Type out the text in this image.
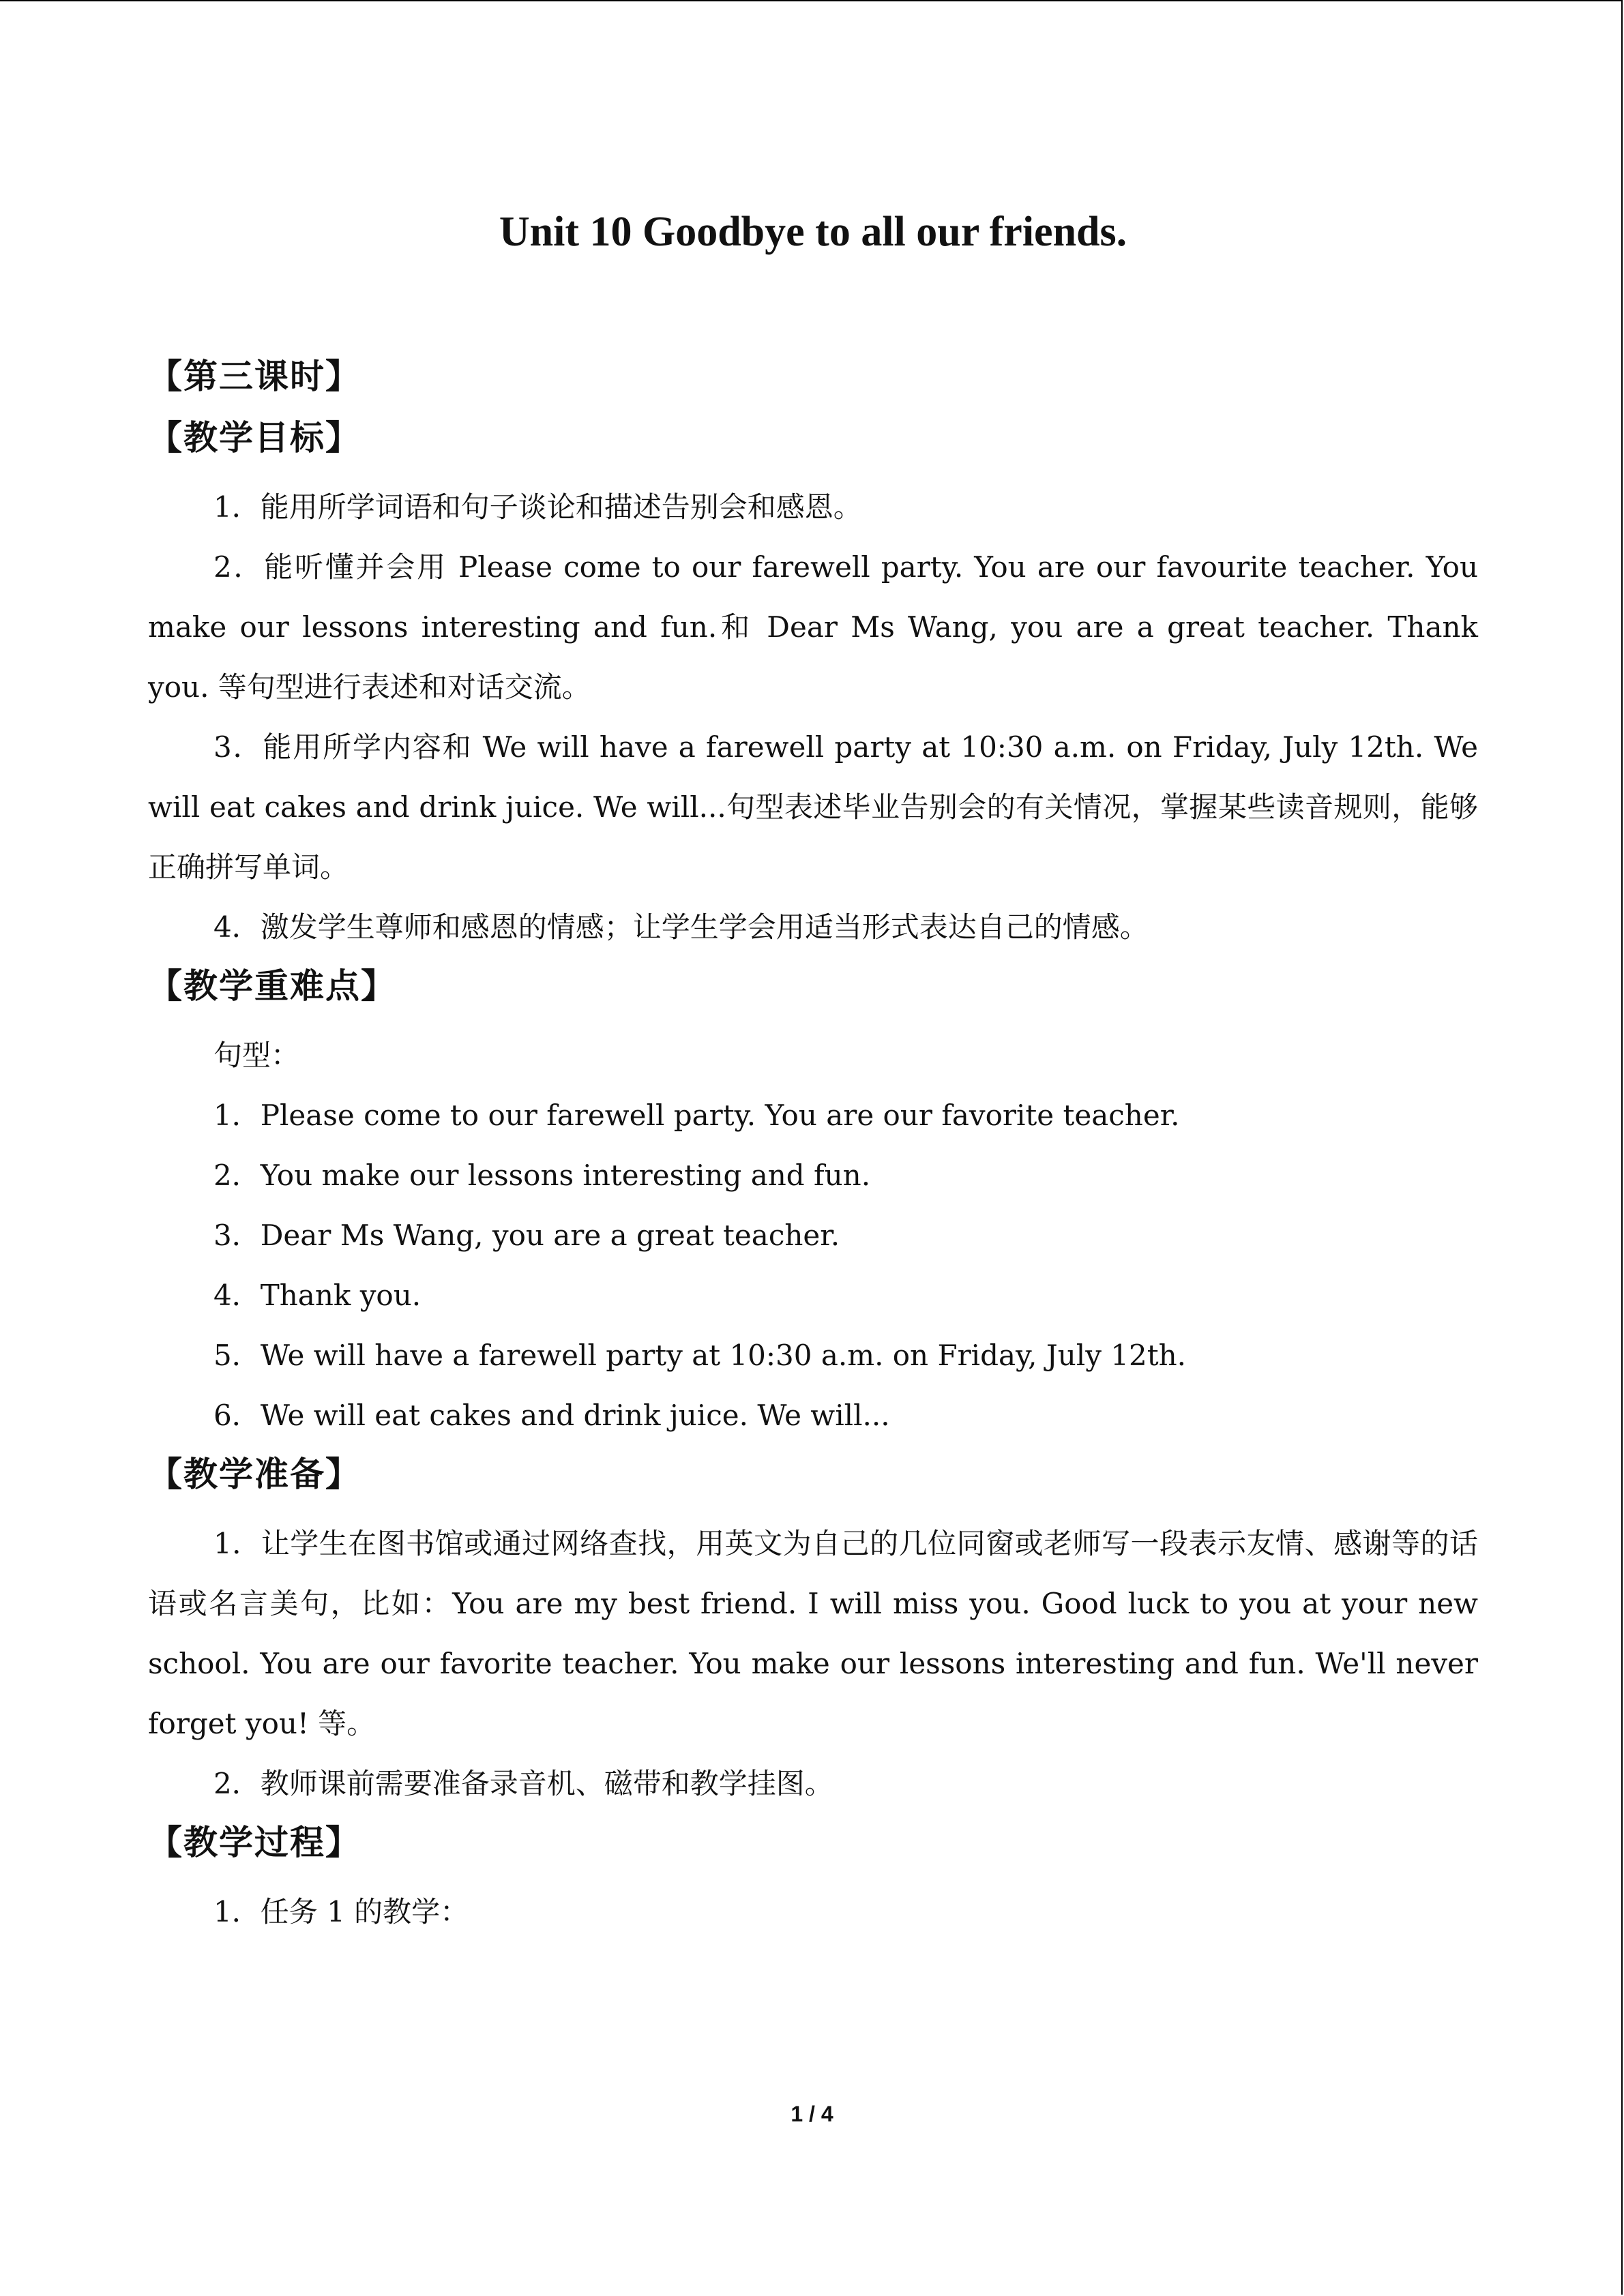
Unit 10 Goodbye to all our friends.
【第三课时】
【教学目标】

1．能用所学词语和句子谈论和描述告别会和感恩。

2．能听懂并会用 Please come to our farewell party. You are our favourite teacher. You make our lessons interesting and fun.和 Dear Ms Wang, you are a great teacher. Thank you. 等句型进行表述和对话交流。

3．能用所学内容和 We will have a farewell party at 10:30 a.m. on Friday, July 12th. We will eat cakes and drink juice. We will...句型表述毕业告别会的有关情况，掌握某些读音规则，能够正确拼写单词。

4．激发学生尊师和感恩的情感；让学生学会用适当形式表达自己的情感。

【教学重难点】

句型：

1．Please come to our farewell party. You are our favorite teacher.
2．You make our lessons interesting and fun.
3．Dear Ms Wang, you are a great teacher.
4．Thank you.
5．We will have a farewell party at 10:30 a.m. on Friday, July 12th.
6．We will eat cakes and drink juice. We will...
【教学准备】

1．让学生在图书馆或通过网络查找，用英文为自己的几位同窗或老师写一段表示友情、感谢等的话语或名言美句，比如：You are my best friend. I will miss you. Good luck to you at your new school. You are our favorite teacher. You make our lessons interesting and fun. We'll never forget you! 等。

2．教师课前需要准备录音机、磁带和教学挂图。

【教学过程】

1．任务 1 的教学：

1 / 4
